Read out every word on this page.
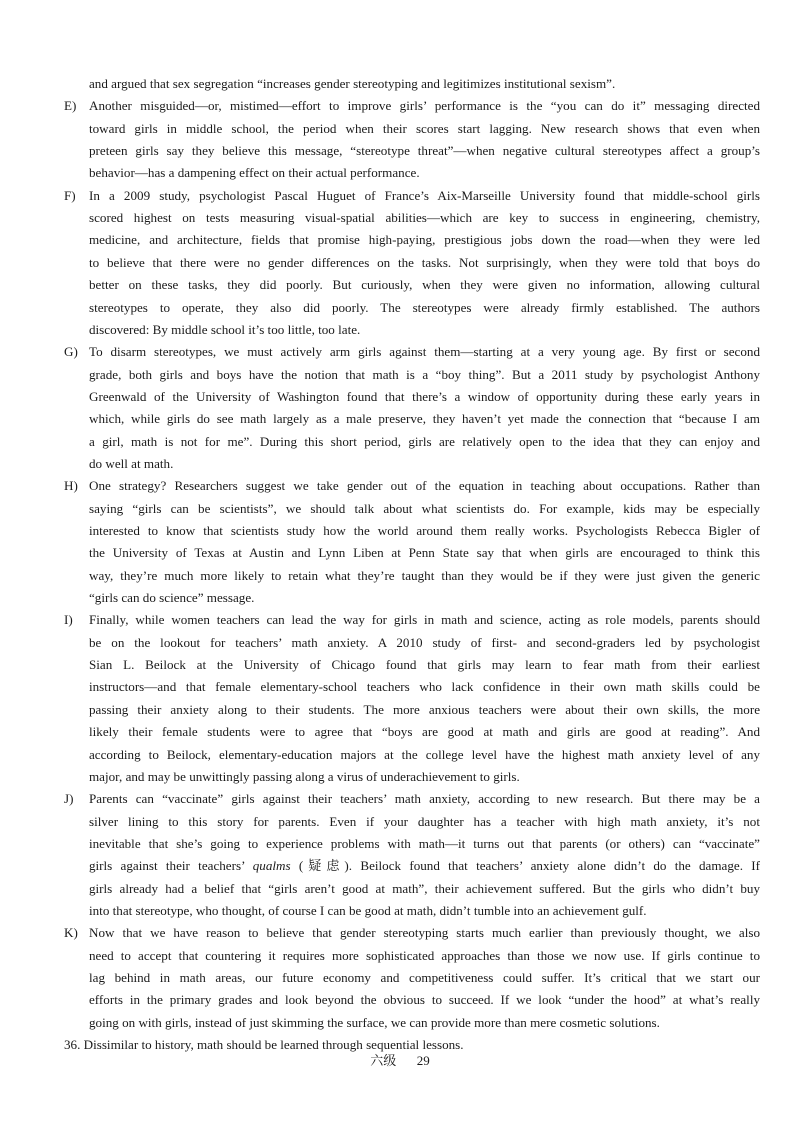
and argued that sex segregation “increases gender stereotyping and legitimizes institutional sexism”.
E) Another misguided—or, mistimed—effort to improve girls’ performance is the “you can do it” messaging directed
toward girls in middle school, the period when their scores start lagging. New research shows that even when
preteen girls say they believe this message, “stereotype threat”—when negative cultural stereotypes affect a group’s
behavior—has a dampening effect on their actual performance.
F) In a 2009 study, psychologist Pascal Huguet of France’s Aix-Marseille University found that middle-school girls
scored highest on tests measuring visual-spatial abilities—which are key to success in engineering, chemistry,
medicine, and architecture, fields that promise high-paying, prestigious jobs down the road—when they were led
to believe that there were no gender differences on the tasks. Not surprisingly, when they were told that boys do
better on these tasks, they did poorly. But curiously, when they were given no information, allowing cultural
stereotypes to operate, they also did poorly. The stereotypes were already firmly established. The authors
discovered: By middle school it’s too little, too late.
G) To disarm stereotypes, we must actively arm girls against them—starting at a very young age. By first or second
grade, both girls and boys have the notion that math is a “boy thing”. But a 2011 study by psychologist Anthony
Greenwald of the University of Washington found that there’s a window of opportunity during these early years in
which, while girls do see math largely as a male preserve, they haven’t yet made the connection that “because I am
a girl, math is not for me”. During this short period, girls are relatively open to the idea that they can enjoy and
do well at math.
H) One strategy? Researchers suggest we take gender out of the equation in teaching about occupations. Rather than
saying “girls can be scientists”, we should talk about what scientists do. For example, kids may be especially
interested to know that scientists study how the world around them really works. Psychologists Rebecca Bigler of
the University of Texas at Austin and Lynn Liben at Penn State say that when girls are encouraged to think this
way, they’re much more likely to retain what they’re taught than they would be if they were just given the generic
“girls can do science” message.
I) Finally, while women teachers can lead the way for girls in math and science, acting as role models, parents should
be on the lookout for teachers’ math anxiety. A 2010 study of first- and second-graders led by psychologist
Sian L. Beilock at the University of Chicago found that girls may learn to fear math from their earliest
instructors—and that female elementary-school teachers who lack confidence in their own math skills could be
passing their anxiety along to their students. The more anxious teachers were about their own skills, the more
likely their female students were to agree that “boys are good at math and girls are good at reading”. And
according to Beilock, elementary-education majors at the college level have the highest math anxiety level of any
major, and may be unwittingly passing along a virus of underachievement to girls.
J) Parents can “vaccinate” girls against their teachers’ math anxiety, according to new research. But there may be a
silver lining to this story for parents. Even if your daughter has a teacher with high math anxiety, it’s not
inevitable that she’s going to experience problems with math—it turns out that parents (or others) can “vaccinate”
girls against their teachers’ qualms (疑虑). Beilock found that teachers’ anxiety alone didn’t do the damage. If
girls already had a belief that “girls aren’t good at math”, their achievement suffered. But the girls who didn’t buy
into that stereotype, who thought, of course I can be good at math, didn’t tumble into an achievement gulf.
K) Now that we have reason to believe that gender stereotyping starts much earlier than previously thought, we also
need to accept that countering it requires more sophisticated approaches than those we now use. If girls continue to
lag behind in math areas, our future economy and competitiveness could suffer. It’s critical that we start our
efforts in the primary grades and look beyond the obvious to succeed. If we look “under the hood” at what’s really
going on with girls, instead of just skimming the surface, we can provide more than mere cosmetic solutions.
36. Dissimilar to history, math should be learned through sequential lessons.
六级 29
